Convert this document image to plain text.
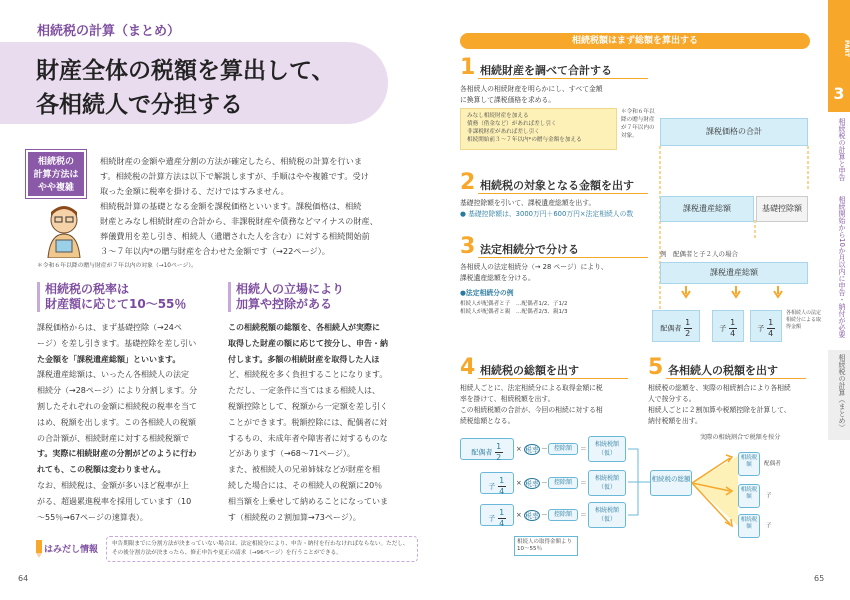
相続税の計算（まとめ）
財産全体の税額を算出して、
各相続人で分担する
相続税の
計算方法は
やや複雑
相続財産の金額や遺産分割の方法が確定したら、相続税の計算を行いま
す。相続税の計算方法は以下で解説しますが、手順はやや複雑です。受け
取った金額に税率を掛ける、だけではすみません。
相続税計算の基礎となる金額を課税価格といいます。課税価格は、相続
財産とみなし相続財産の合計から、非課税財産や債務などマイナスの財産、
葬儀費用を差し引き、相続人（遺贈された人を含む）に対する相続開始前
３〜７年以内*の贈与財産を合わせた金額です（→22ページ）。
＊令和６年以降の贈与財産が７年以内の対象（→10ページ）。
相続税の税率は
財産額に応じて10〜55％
課税価格からは、まず基礎控除（→24ペ
ージ）を差し引きます。基礎控除を差し引い
た金額を「課税遺産総額」といいます。
課税遺産総額は、いったん各相続人の法定
相続分（→28ページ）により分割します。分
割したそれぞれの金額に相続税の税率を当て
はめ、税額を出します。この各相続人の税額
の合計額が、相続財産に対する相続税額で
す。実際に相続財産の分割がどのように行わ
れても、この税額は変わりません。
なお、相続税は、金額が多いほど税率が上
がる、超過累進税率を採用しています（10
〜55％→67ページの速算表）。
相続人の立場により
加算や控除がある
この相続税額の総額を、各相続人が実際に
取得した財産の額に応じて按分し、申告・納
付します。多額の相続財産を取得した人ほ
ど、相続税を多く負担することになります。
ただし、一定条件に当てはまる相続人は、
税額控除として、税額から一定額を差し引く
ことができます。税額控除には、配偶者に対
するもの、未成年者や障害者に対するものな
どがあります（→68〜71ページ）。
また、被相続人の兄弟姉妹などが財産を相
続した場合には、その相続人の税額に20％
相当額を上乗せして納めることになっていま
す（相続税の２割加算→73ページ）。
はみだし情報
申告期限までに分割方法が決まっていない場合は、法定相続分により、申告・納付を行わなければならない。ただし、その後分割方法が決まったら、修正申告や更正の請求（→96ページ）を行うことができる。
64
相続税額はまず総額を算出する
1 相続財産を調べて合計する
各相続人の相続財産を明らかにし、すべて金額
に換算して課税価格を求める。
みなし相続財産を加える
債務（借金など）があれば差し引く
非課税財産があれば差し引く
相続開始前３〜７年以内*の贈与金額を加える
＊令和６年以降の贈与財産が７年以内の対象。	課税価格の合計
2 相続税の対象となる金額を出す
基礎控除額を引いて、課税遺産総額を出す。
● 基礎控除額は、3000万円＋600万円×法定相続人の数
課税遺産総額	基礎控除額
3 法定相続分で分ける
各相続人の法定相続分（→ 28 ページ）により、
課税遺産総額を分ける。
●法定相続分の例
相続人が配偶者と子　…配偶者1/2、子1/2
相続人が配偶者と親　…配偶者2/3、親1/3
例　配偶者と子２人の場合
課税遺産総額
配偶者 $\frac{1}{2}$	子 $\frac{1}{4}$	子 $\frac{1}{4}$
各相続人の法定相続分による取得金額
4 相続税の総額を出す
相続人ごとに、法定相続分による取得金額に税
率を掛けて、相続税額を出す。
この相続税額の合計が、今回の相続に対する相
続税総額となる。
配偶者 $\frac{1}{2}$ × 税率 －	控除額	＝
相続税額（仮）
子 $\frac{1}{4}$ × 税率 －	控除額	＝
相続税額（仮）
子 $\frac{1}{4}$ × 税率 －	控除額	＝
相続税額（仮）
相続人の取得金額より10〜55％
5 各相続人の税額を出す
相続税の総額を、実際の相続割合により各相続
人で按分する。
相続人ごとに２割加算や税額控除を計算して、
納付税額を出す。
実際の相続割合で税額を按分
相続税の総額
相続税額	配偶者
相続税額	子
相続税額	子
PART
3
相続税の計算と申告
相続開始から10か月以内に申告・納付が必要
相続税の計算（まとめ）
65
